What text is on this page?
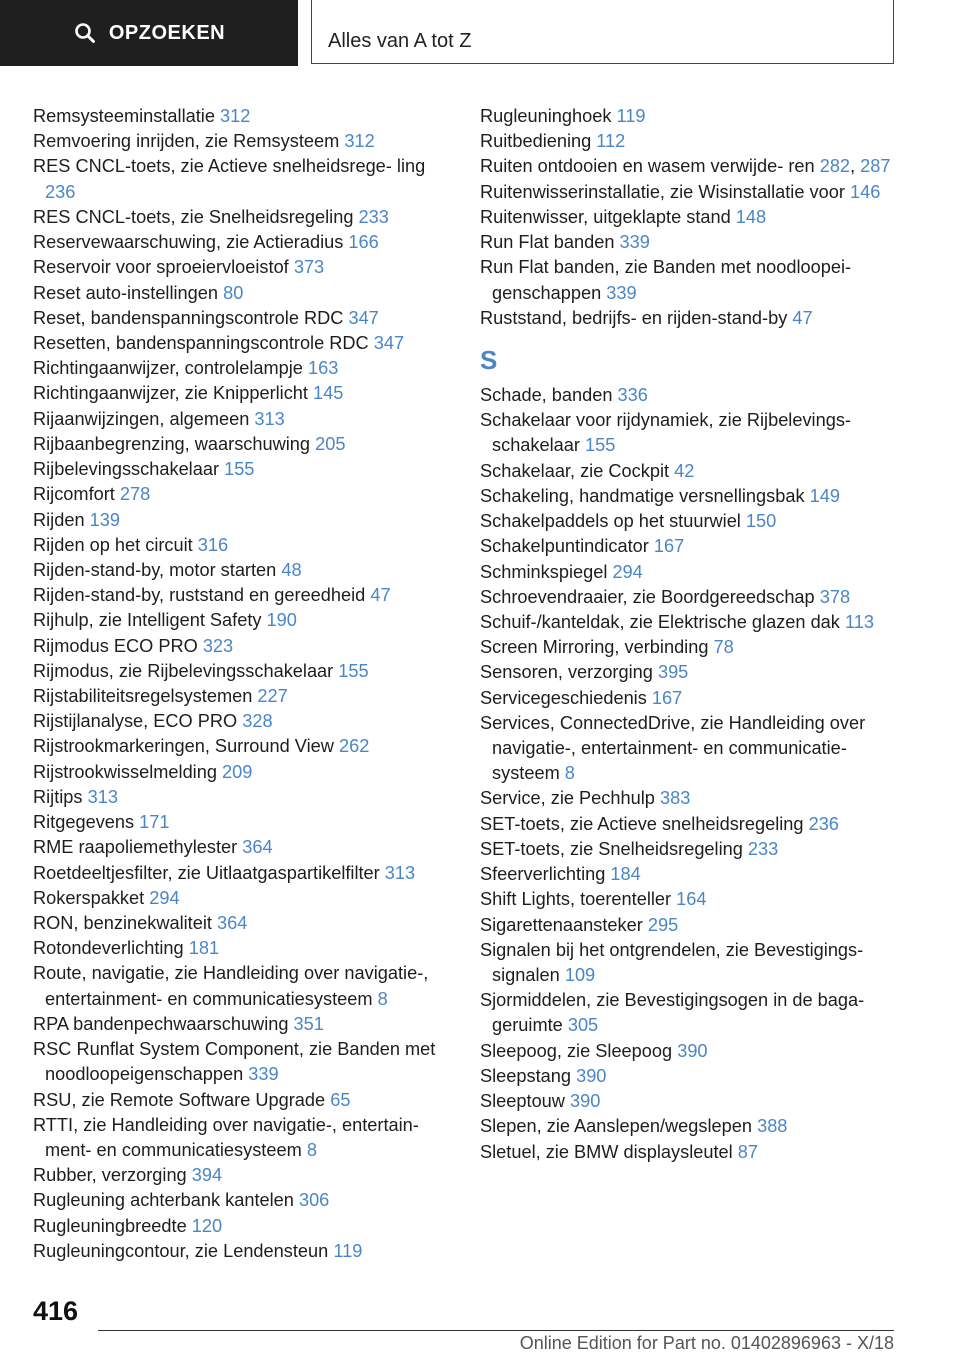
OPZOEKEN	Alles van A tot Z
Remsysteeminstallatie 312
Remvoering inrijden, zie Remsysteem 312
RES CNCL-toets, zie Actieve snelheidsrege‐ ling 236
RES CNCL-toets, zie Snelheidsregeling 233
Reservewaarschuwing, zie Actieradius 166
Reservoir voor sproeiervloeistof 373
Reset auto-instellingen 80
Reset, bandenspanningscontrole RDC 347
Resetten, bandenspanningscontrole RDC 347
Richtingaanwijzer, controlelampje 163
Richtingaanwijzer, zie Knipperlicht 145
Rijaanwijzingen, algemeen 313
Rijbaanbegrenzing, waarschuwing 205
Rijbelevingsschakelaar 155
Rijcomfort 278
Rijden 139
Rijden op het circuit 316
Rijden-stand-by, motor starten 48
Rijden-stand-by, ruststand en gereedheid 47
Rijhulp, zie Intelligent Safety 190
Rijmodus ECO PRO 323
Rijmodus, zie Rijbelevingsschakelaar 155
Rijstabiliteitsregelsystemen 227
Rijstijlanalyse, ECO PRO 328
Rijstrookmarkeringen, Surround View 262
Rijstrookwisselmelding 209
Rijtips 313
Ritgegevens 171
RME raapoliemethylester 364
Roetdeeltjesfilter, zie Uitlaatgaspartikelfilter 313
Rokerspakket 294
RON, benzinekwaliteit 364
Rotondeverlichting 181
Route, navigatie, zie Handleiding over navigatie-, entertainment- en communicatiesysteem 8
RPA bandenpechwaarschuwing 351
RSC Runflat System Component, zie Banden met noodloopeigenschappen 339
RSU, zie Remote Software Upgrade 65
RTTI, zie Handleiding over navigatie-, entertain‐ ment- en communicatiesysteem 8
Rubber, verzorging 394
Rugleuning achterbank kantelen 306
Rugleuningbreedte 120
Rugleuningcontour, zie Lendensteun 119
Rugleuninghoek 119
Ruitbediening 112
Ruiten ontdooien en wasem verwijde‐ ren 282, 287
Ruitenwisserinstallatie, zie Wisinstallatie voor 146
Ruitenwisser, uitgeklapte stand 148
Run Flat banden 339
Run Flat banden, zie Banden met noodloopei‐ genschappen 339
Ruststand, bedrijfs- en rijden-stand-by 47
S
Schade, banden 336
Schakelaar voor rijdynamiek, zie Rijbelevings‐ schakelaar 155
Schakelaar, zie Cockpit 42
Schakeling, handmatige versnellingsbak 149
Schakelpaddels op het stuurwiel 150
Schakelpuntindicator 167
Schminkspiegel 294
Schroevendraaier, zie Boordgereedschap 378
Schuif-/kanteldak, zie Elektrische glazen dak 113
Screen Mirroring, verbinding 78
Sensoren, verzorging 395
Servicegeschiedenis 167
Services, ConnectedDrive, zie Handleiding over navigatie-, entertainment- en communicatie‐ systeem 8
Service, zie Pechhulp 383
SET-toets, zie Actieve snelheidsregeling 236
SET-toets, zie Snelheidsregeling 233
Sfeerverlichting 184
Shift Lights, toerenteller 164
Sigarettenaansteker 295
Signalen bij het ontgrendelen, zie Bevestigings‐ signalen 109
Sjormiddelen, zie Bevestigingsogen in de baga‐ geruimte 305
Sleepoog, zie Sleepoog 390
Sleepstang 390
Sleeptouw 390
Slepen, zie Aanslepen/wegslepen 388
Sletuel, zie BMW displaysleutel 87
416
Online Edition for Part no. 01402896963 - X/18
